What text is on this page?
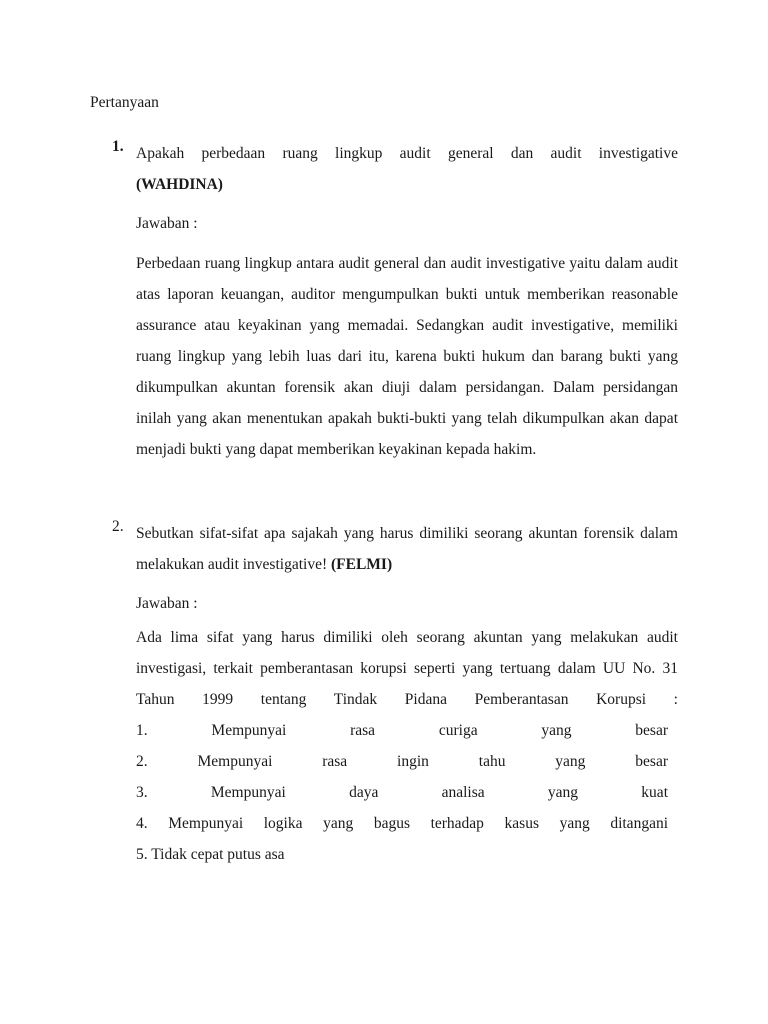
Pertanyaan
1. Apakah perbedaan ruang lingkup audit general dan audit investigative
(WAHDINA)
Jawaban :
Perbedaan ruang lingkup antara audit general dan audit investigative yaitu dalam audit atas laporan keuangan, auditor mengumpulkan bukti untuk memberikan reasonable assurance atau keyakinan yang memadai. Sedangkan audit investigative, memiliki ruang lingkup yang lebih luas dari itu, karena bukti hukum dan barang bukti yang dikumpulkan akuntan forensik akan diuji dalam persidangan. Dalam persidangan inilah yang akan menentukan apakah bukti-bukti yang telah dikumpulkan akan dapat menjadi bukti yang dapat memberikan keyakinan kepada hakim.
2. Sebutkan sifat-sifat apa sajakah yang harus dimiliki seorang akuntan forensik dalam melakukan audit investigative! (FELMI)
Jawaban :
Ada lima sifat yang harus dimiliki oleh seorang akuntan yang melakukan audit investigasi, terkait pemberantasan korupsi seperti yang tertuang dalam UU No. 31 Tahun 1999 tentang Tindak Pidana Pemberantasan Korupsi :
1. Mempunyai rasa curiga yang besar
2. Mempunyai rasa ingin tahu yang besar
3. Mempunyai daya analisa yang kuat
4. Mempunyai logika yang bagus terhadap kasus yang ditangani
5. Tidak cepat putus asa
